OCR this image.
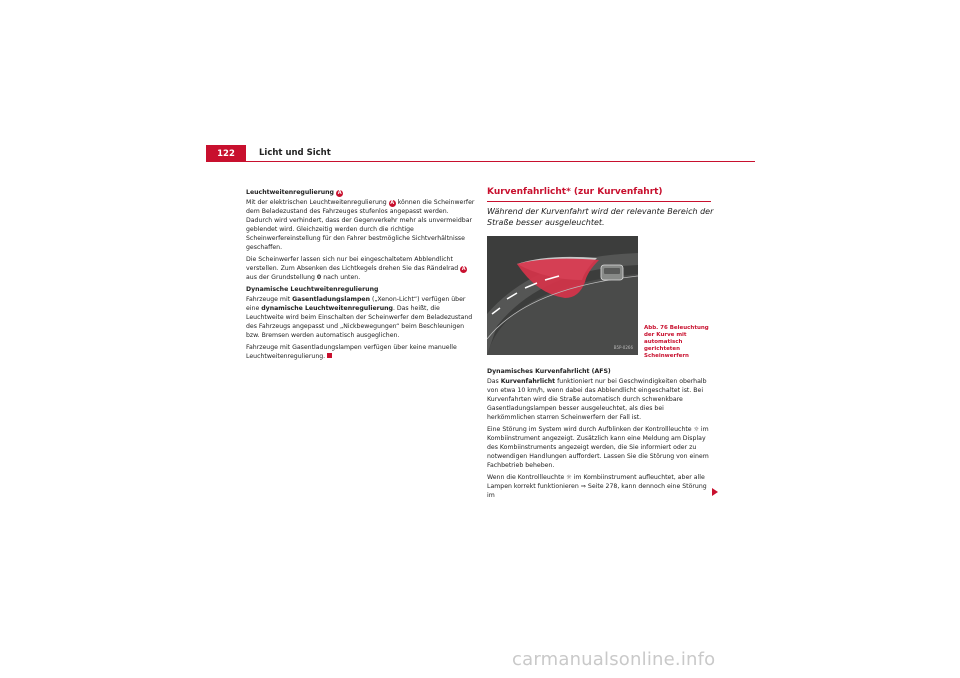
122	Licht und Sicht

Leuchtweitenregulierung A

Mit der elektrischen Leuchtweitenregulierung A können die Scheinwerfer dem Beladezustand des Fahrzeuges stufenlos angepasst werden. Dadurch wird verhindert, dass der Gegenverkehr mehr als unvermeidbar geblendet wird. Gleichzeitig werden durch die richtige Scheinwerfereinstellung für den Fahrer bestmögliche Sichtverhältnisse geschaffen.

Die Scheinwerfer lassen sich nur bei eingeschaltetem Abblendlicht verstellen. Zum Absenken des Lichtkegels drehen Sie das Rändelrad A aus der Grundstellung 0 nach unten.

Dynamische Leuchtweitenregulierung

Fahrzeuge mit Gasentladungslampen („Xenon-Licht“) verfügen über eine dynamische Leuchtweitenregulierung. Das heißt, die Leuchtweite wird beim Einschalten der Scheinwerfer dem Beladezustand des Fahrzeugs angepasst und „Nickbewegungen“ beim Beschleunigen bzw. Bremsen werden automatisch ausgeglichen.

Fahrzeuge mit Gasentladungslampen verfügen über keine manuelle Leuchtweitenregulierung.

Kurvenfahrlicht* (zur Kurvenfahrt)
Während der Kurvenfahrt wird der relevante Bereich der Straße besser ausgeleuchtet.
B5P-0266
Abb. 76 Beleuchtung der Kurve mit automatisch gerichteten Scheinwerfern

Dynamisches Kurvenfahrlicht (AFS)

Das Kurvenfahrlicht funktioniert nur bei Geschwindigkeiten oberhalb von etwa 10 km/h, wenn dabei das Abblendlicht eingeschaltet ist. Bei Kurvenfahrten wird die Straße automatisch durch schwenkbare Gasentladungslampen besser ausgeleuchtet, als dies bei herkömmlichen starren Scheinwerfern der Fall ist.

Eine Störung im System wird durch Aufblinken der Kontrollleuchte ☼ im Kombiinstrument angezeigt. Zusätzlich kann eine Meldung am Display des Kombiinstruments angezeigt werden, die Sie informiert oder zu notwendigen Handlungen auffordert. Lassen Sie die Störung von einem Fachbetrieb beheben.

Wenn die Kontrollleuchte ☼ im Kombiinstrument aufleuchtet, aber alle Lampen korrekt funktionieren ⇒ Seite 278, kann dennoch eine Störung im

carmanualsonline.info
